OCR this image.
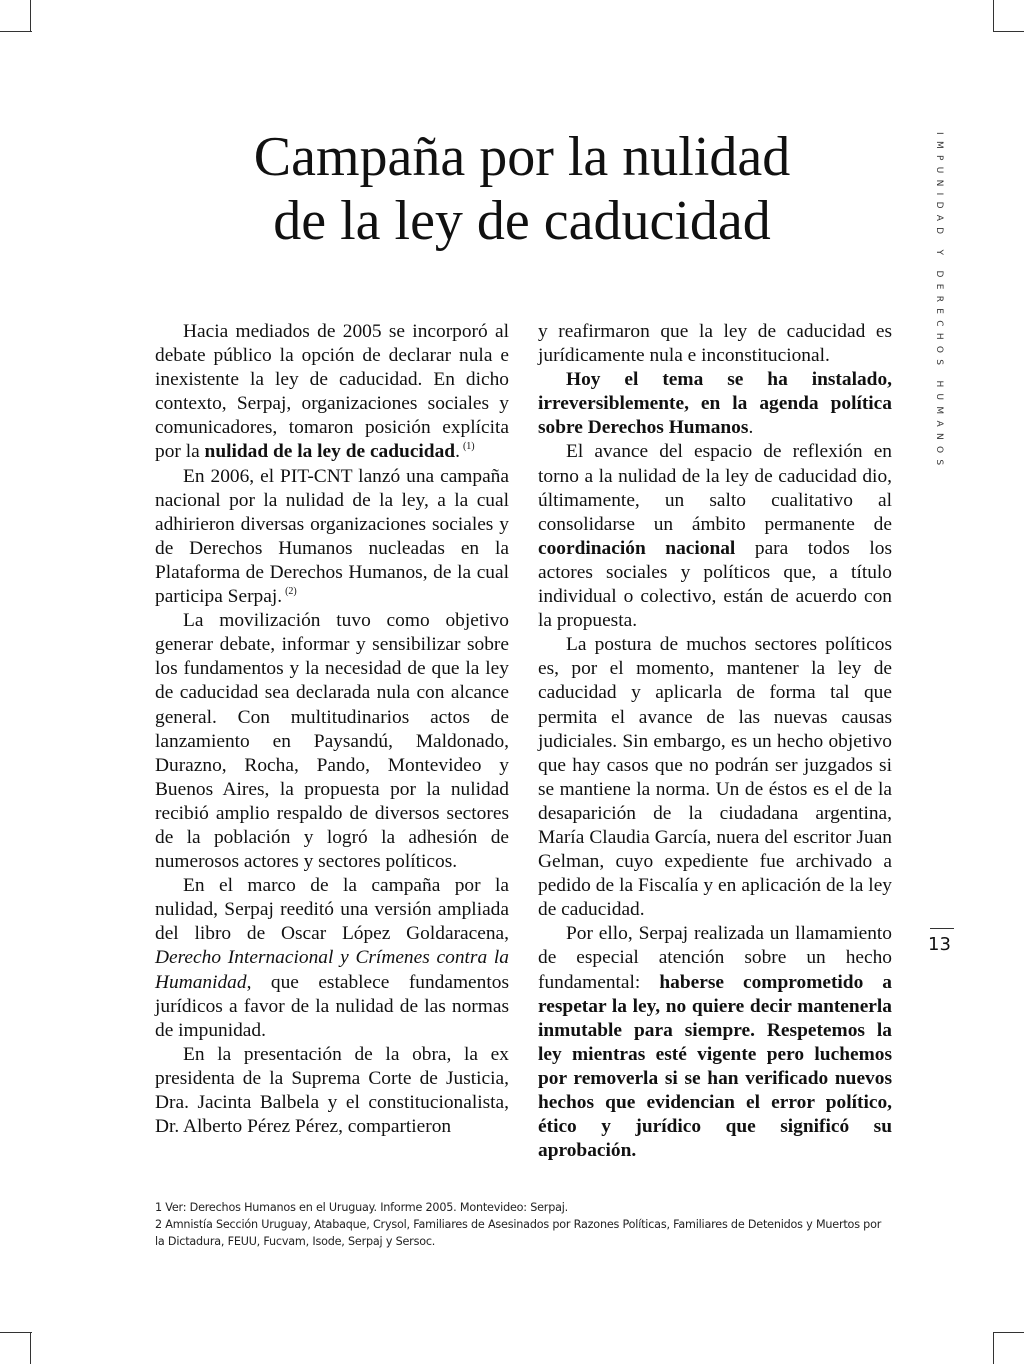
Campaña por la nulidad
de la ley de caducidad

Hacia mediados de 2005 se incorporó al debate público la opción de declarar nula e inexistente la ley de caducidad. En dicho contexto, Serpaj, organizaciones sociales y comunicadores, tomaron posición explícita por la nulidad de la ley de caducidad. $^{(1)}$

En 2006, el PIT-CNT lanzó una campaña nacional por la nulidad de la ley, a la cual adhirieron diversas organizaciones sociales y de Derechos Humanos nucleadas en la Plataforma de Derechos Humanos, de la cual participa Serpaj. $^{(2)}$

La movilización tuvo como objetivo generar debate, informar y sensibilizar sobre los fundamentos y la necesidad de que la ley de caducidad sea declarada nula con alcance general. Con multitudinarios actos de lanzamiento en Paysandú, Maldonado, Durazno, Rocha, Pando, Montevideo y Buenos Aires, la propuesta por la nulidad recibió amplio respaldo de diversos sectores de la población y logró la adhesión de numerosos actores y sectores políticos.

En el marco de la campaña por la nulidad, Serpaj reeditó una versión ampliada del libro de Oscar López Goldaracena, Derecho Internacional y Crímenes contra la Humanidad, que establece fundamentos jurídicos a favor de la nulidad de las normas de impunidad.

En la presentación de la obra, la ex presidenta de la Suprema Corte de Justicia, Dra. Jacinta Balbela y el constitucionalista, Dr. Alberto Pérez Pérez, compartieron

y reafirmaron que la ley de caducidad es jurídicamente nula e inconstitucional.

Hoy el tema se ha instalado, irreversiblemente, en la agenda política sobre Derechos Humanos.

El avance del espacio de reflexión en torno a la nulidad de la ley de caducidad dio, últimamente, un salto cualitativo al consolidarse un ámbito permanente de coordinación nacional para todos los actores sociales y políticos que, a título individual o colectivo, están de acuerdo con la propuesta.

La postura de muchos sectores políticos es, por el momento, mantener la ley de caducidad y aplicarla de forma tal que permita el avance de las nuevas causas judiciales. Sin embargo, es un hecho objetivo que hay casos que no podrán ser juzgados si se mantiene la norma. Un de éstos es el de la desaparición de la ciudadana argentina, María Claudia García, nuera del escritor Juan Gelman, cuyo expediente fue archivado a pedido de la Fiscalía y en aplicación de la ley de caducidad.

Por ello, Serpaj realizada un llamamiento de especial atención sobre un hecho fundamental: haberse comprometido a respetar la ley, no quiere decir mantenerla inmutable para siempre. Respetemos la ley mientras esté vigente pero luchemos por removerla si se han verificado nuevos hechos que evidencian el error político, ético y jurídico que significó su aprobación.

IMPUNIDAD Y DERECHOS HUMANOS
13

1 Ver: Derechos Humanos en el Uruguay. Informe 2005. Montevideo: Serpaj.

2 Amnistía Sección Uruguay, Atabaque, Crysol, Familiares de Asesinados por Razones Políticas, Familiares de Detenidos y Muertos por la Dictadura, FEUU, Fucvam, Isode, Serpaj y Sersoc.
